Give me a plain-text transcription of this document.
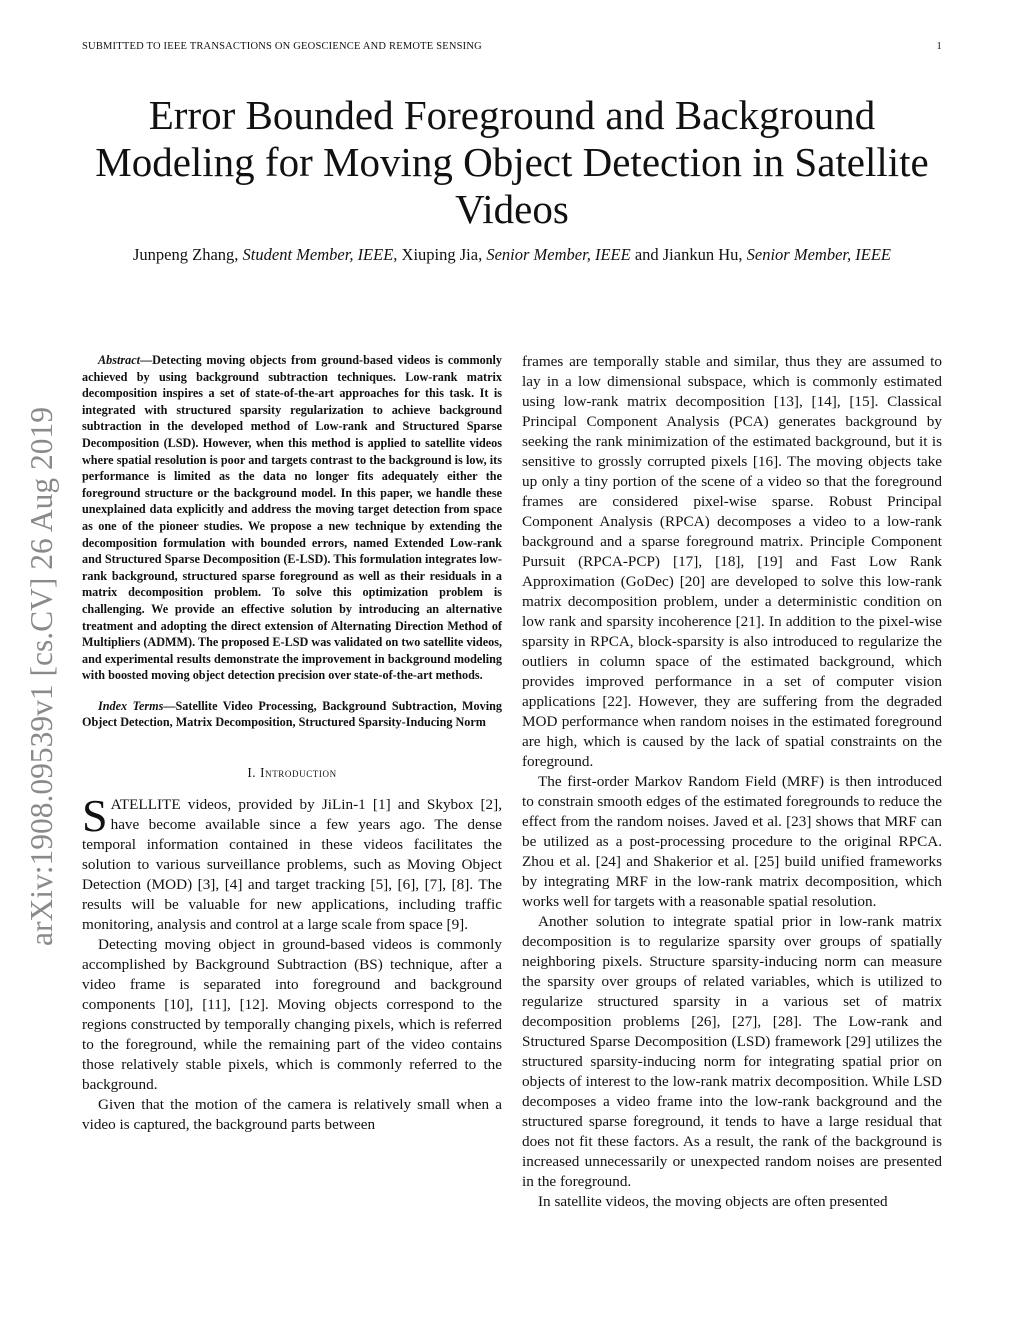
SUBMITTED TO IEEE TRANSACTIONS ON GEOSCIENCE AND REMOTE SENSING	1
Error Bounded Foreground and Background Modeling for Moving Object Detection in Satellite Videos
Junpeng Zhang, Student Member, IEEE, Xiuping Jia, Senior Member, IEEE and Jiankun Hu, Senior Member, IEEE
arXiv:1908.09539v1 [cs.CV] 26 Aug 2019

Abstract—Detecting moving objects from ground-based videos is commonly achieved by using background subtraction techniques. Low-rank matrix decomposition inspires a set of state-of-the-art approaches for this task. It is integrated with structured sparsity regularization to achieve background subtraction in the developed method of Low-rank and Structured Sparse Decomposition (LSD). However, when this method is applied to satellite videos where spatial resolution is poor and targets contrast to the background is low, its performance is limited as the data no longer fits adequately either the foreground structure or the background model. In this paper, we handle these unexplained data explicitly and address the moving target detection from space as one of the pioneer studies. We propose a new technique by extending the decomposition formulation with bounded errors, named Extended Low-rank and Structured Sparse Decomposition (E-LSD). This formulation integrates low-rank background, structured sparse foreground as well as their residuals in a matrix decomposition problem. To solve this optimization problem is challenging. We provide an effective solution by introducing an alternative treatment and adopting the direct extension of Alternating Direction Method of Multipliers (ADMM). The proposed E-LSD was validated on two satellite videos, and experimental results demonstrate the improvement in background modeling with boosted moving object detection precision over state-of-the-art methods.

Index Terms—Satellite Video Processing, Background Subtraction, Moving Object Detection, Matrix Decomposition, Structured Sparsity-Inducing Norm

I. Introduction

SATELLITE videos, provided by JiLin-1 [1] and Skybox [2], have become available since a few years ago. The dense temporal information contained in these videos facilitates the solution to various surveillance problems, such as Moving Object Detection (MOD) [3], [4] and target tracking [5], [6], [7], [8]. The results will be valuable for new applications, including traffic monitoring, analysis and control at a large scale from space [9].

Detecting moving object in ground-based videos is commonly accomplished by Background Subtraction (BS) technique, after a video frame is separated into foreground and background components [10], [11], [12]. Moving objects correspond to the regions constructed by temporally changing pixels, which is referred to the foreground, while the remaining part of the video contains those relatively stable pixels, which is commonly referred to the background.

Given that the motion of the camera is relatively small when a video is captured, the background parts between

frames are temporally stable and similar, thus they are assumed to lay in a low dimensional subspace, which is commonly estimated using low-rank matrix decomposition [13], [14], [15]. Classical Principal Component Analysis (PCA) generates background by seeking the rank minimization of the estimated background, but it is sensitive to grossly corrupted pixels [16]. The moving objects take up only a tiny portion of the scene of a video so that the foreground frames are considered pixel-wise sparse. Robust Principal Component Analysis (RPCA) decomposes a video to a low-rank background and a sparse foreground matrix. Principle Component Pursuit (RPCA-PCP) [17], [18], [19] and Fast Low Rank Approximation (GoDec) [20] are developed to solve this low-rank matrix decomposition problem, under a deterministic condition on low rank and sparsity incoherence [21]. In addition to the pixel-wise sparsity in RPCA, block-sparsity is also introduced to regularize the outliers in column space of the estimated background, which provides improved performance in a set of computer vision applications [22]. However, they are suffering from the degraded MOD performance when random noises in the estimated foreground are high, which is caused by the lack of spatial constraints on the foreground.

The first-order Markov Random Field (MRF) is then introduced to constrain smooth edges of the estimated foregrounds to reduce the effect from the random noises. Javed et al. [23] shows that MRF can be utilized as a post-processing procedure to the original RPCA. Zhou et al. [24] and Shakerior et al. [25] build unified frameworks by integrating MRF in the low-rank matrix decomposition, which works well for targets with a reasonable spatial resolution.

Another solution to integrate spatial prior in low-rank matrix decomposition is to regularize sparsity over groups of spatially neighboring pixels. Structure sparsity-inducing norm can measure the sparsity over groups of related variables, which is utilized to regularize structured sparsity in a various set of matrix decomposition problems [26], [27], [28]. The Low-rank and Structured Sparse Decomposition (LSD) framework [29] utilizes the structured sparsity-inducing norm for integrating spatial prior on objects of interest to the low-rank matrix decomposition. While LSD decomposes a video frame into the low-rank background and the structured sparse foreground, it tends to have a large residual that does not fit these factors. As a result, the rank of the background is increased unnecessarily or unexpected random noises are presented in the foreground.

In satellite videos, the moving objects are often presented
